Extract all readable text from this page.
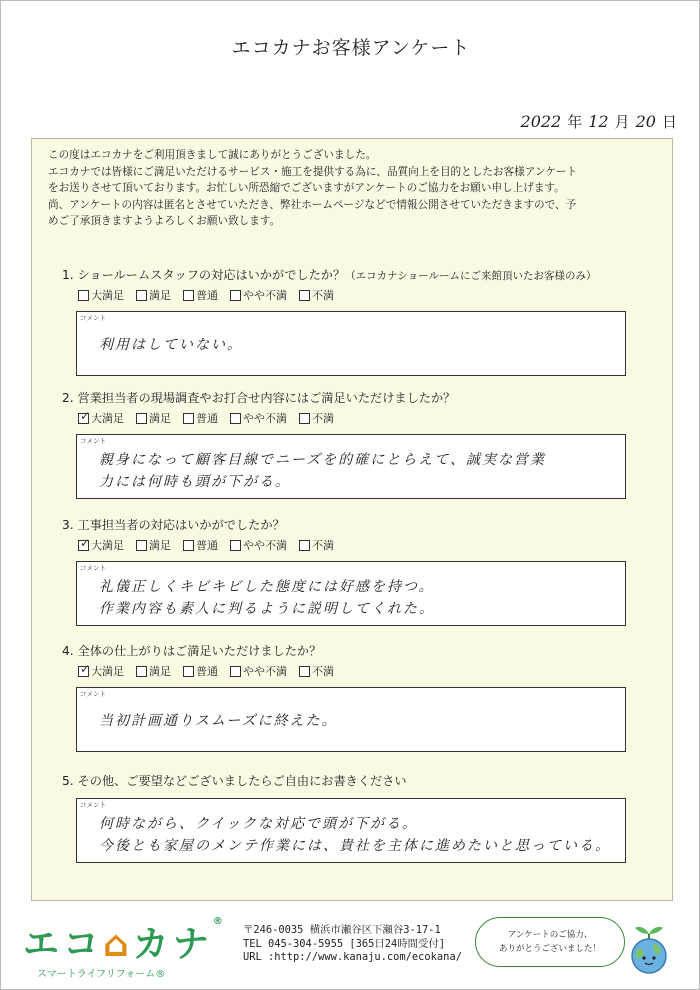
エコカナお客様アンケート
2022 年 12 月 20 日
この度はエコカナをご利用頂きまして誠にありがとうございました。
エコカナでは皆様にご満足いただけるサービス・施工を提供する為に、品質向上を目的としたお客様アンケート
をお送りさせて頂いております。お忙しい所恐縮でございますがアンケートのご協力をお願い申し上げます。
尚、アンケートの内容は匿名とさせていただき、弊社ホームページなどで情報公開させていただきますので、予
めご了承頂きますようよろしくお願い致します。
1. ショールームスタッフの対応はいかがでしたか？（エコカナショールームにご来館頂いたお客様のみ）
大満足 満足 普通 やや不満 不満
コメント
利用はしていない。
2. 営業担当者の現場調査やお打合せ内容にはご満足いただけましたか？
✓ 大満足 満足 普通 やや不満 不満
コメント
親身になって顧客目線でニーズを的確にとらえて、誠実な営業
力には何時も頭が下がる。
3. 工事担当者の対応はいかがでしたか？
✓ 大満足 満足 普通 やや不満 不満
コメント
礼儀正しくキビキビした態度には好感を持つ。
作業内容も素人に判るように説明してくれた。
4. 全体の仕上がりはご満足いただけましたか？
✓ 大満足 満足 普通 やや不満 不満
コメント
当初計画通りスムーズに終えた。
5. その他、ご要望などございましたらご自由にお書きください
コメント
何時ながら、クイックな対応で頭が下がる。
今後とも家屋のメンテ作業には、貴社を主体に進めたいと思っている。
エコ⌂カナ®
スマートライフリフォーム®
〒246-0035 横浜市瀬谷区下瀬谷3-17-1
TEL 045-304-5955 [365日24時間受付]
URL :http://www.kanaju.com/ecokana/
アンケートのご協力、
ありがとうございました！
